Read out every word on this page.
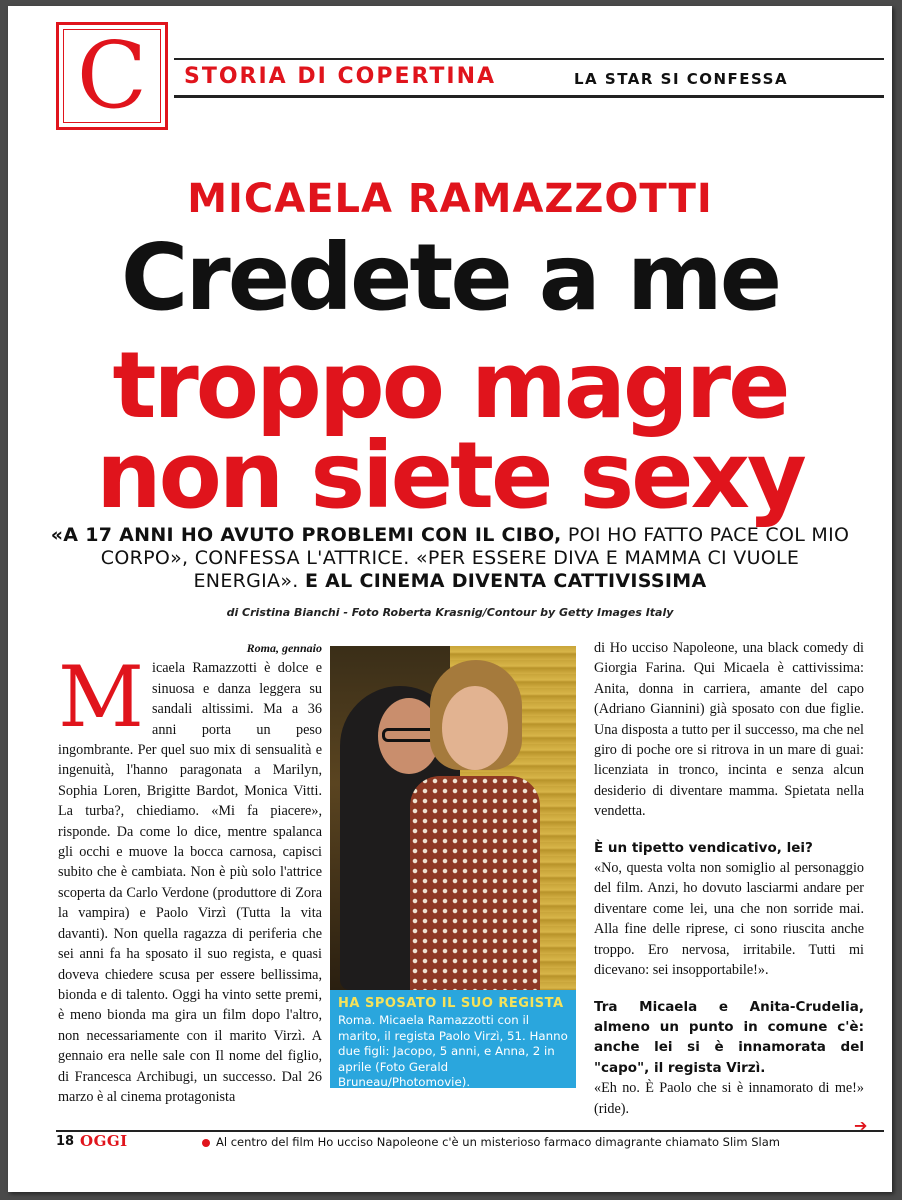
C	STORIA DI COPERTINA	LA STAR SI CONFESSA
MICAELA RAMAZZOTTI
Credete a me
troppo magre
non siete sexy
«A 17 ANNI HO AVUTO PROBLEMI CON IL CIBO, POI HO FATTO PACE COL MIO CORPO», CONFESSA L'ATTRICE. «PER ESSERE DIVA E MAMMA CI VUOLE ENERGIA». E AL CINEMA DIVENTA CATTIVISSIMA
di Cristina Bianchi - Foto Roberta Krasnig/Contour by Getty Images Italy
Roma, gennaio
M icaela Ramazzotti è dolce e sinuosa e danza leggera su sandali altissimi. Ma a 36 anni porta un peso ingombrante. Per quel suo mix di sensualità e ingenuità, l'hanno paragonata a Marilyn, Sophia Loren, Brigitte Bardot, Monica Vitti. La turba?, chiediamo. «Mi fa piacere», risponde. Da come lo dice, mentre spalanca gli occhi e muove la bocca carnosa, capisci subito che è cambiata. Non è più solo l'attrice scoperta da Carlo Verdone (produttore di Zora la vampira) e Paolo Virzì (Tutta la vita davanti). Non quella ragazza di periferia che sei anni fa ha sposato il suo regista, e quasi doveva chiedere scusa per essere bellissima, bionda e di talento. Oggi ha vinto sette premi, è meno bionda ma gira un film dopo l'altro, non necessariamente con il marito Virzì. A gennaio era nelle sale con Il nome del figlio, di Francesca Archibugi, un successo. Dal 26 marzo è al cinema protagonista
HA SPOSATO IL SUO REGISTA
Roma. Micaela Ramazzotti con il marito, il regista Paolo Virzì, 51. Hanno due figli: Jacopo, 5 anni, e Anna, 2 in aprile (Foto Gerald Bruneau/Photomovie).
di Ho ucciso Napoleone, una black comedy di Giorgia Farina. Qui Micaela è cattivissima: Anita, donna in carriera, amante del capo (Adriano Giannini) già sposato con due figlie. Una disposta a tutto per il successo, ma che nel giro di poche ore si ritrova in un mare di guai: licenziata in tronco, incinta e senza alcun desiderio di diventare mamma. Spietata nella vendetta.
È un tipetto vendicativo, lei?
«No, questa volta non somiglio al personaggio del film. Anzi, ho dovuto lasciarmi andare per diventare come lei, una che non sorride mai. Alla fine delle riprese, ci sono riuscita anche troppo. Ero nervosa, irritabile. Tutti mi dicevano: sei insopportabile!».
Tra Micaela e Anita-Crudelia, almeno un punto in comune c'è: anche lei si è innamorata del "capo", il regista Virzì.
«Eh no. È Paolo che si è innamorato di me!» (ride).
➔
18 OGGI	Al centro del film Ho ucciso Napoleone c'è un misterioso farmaco dimagrante chiamato Slim Slam
